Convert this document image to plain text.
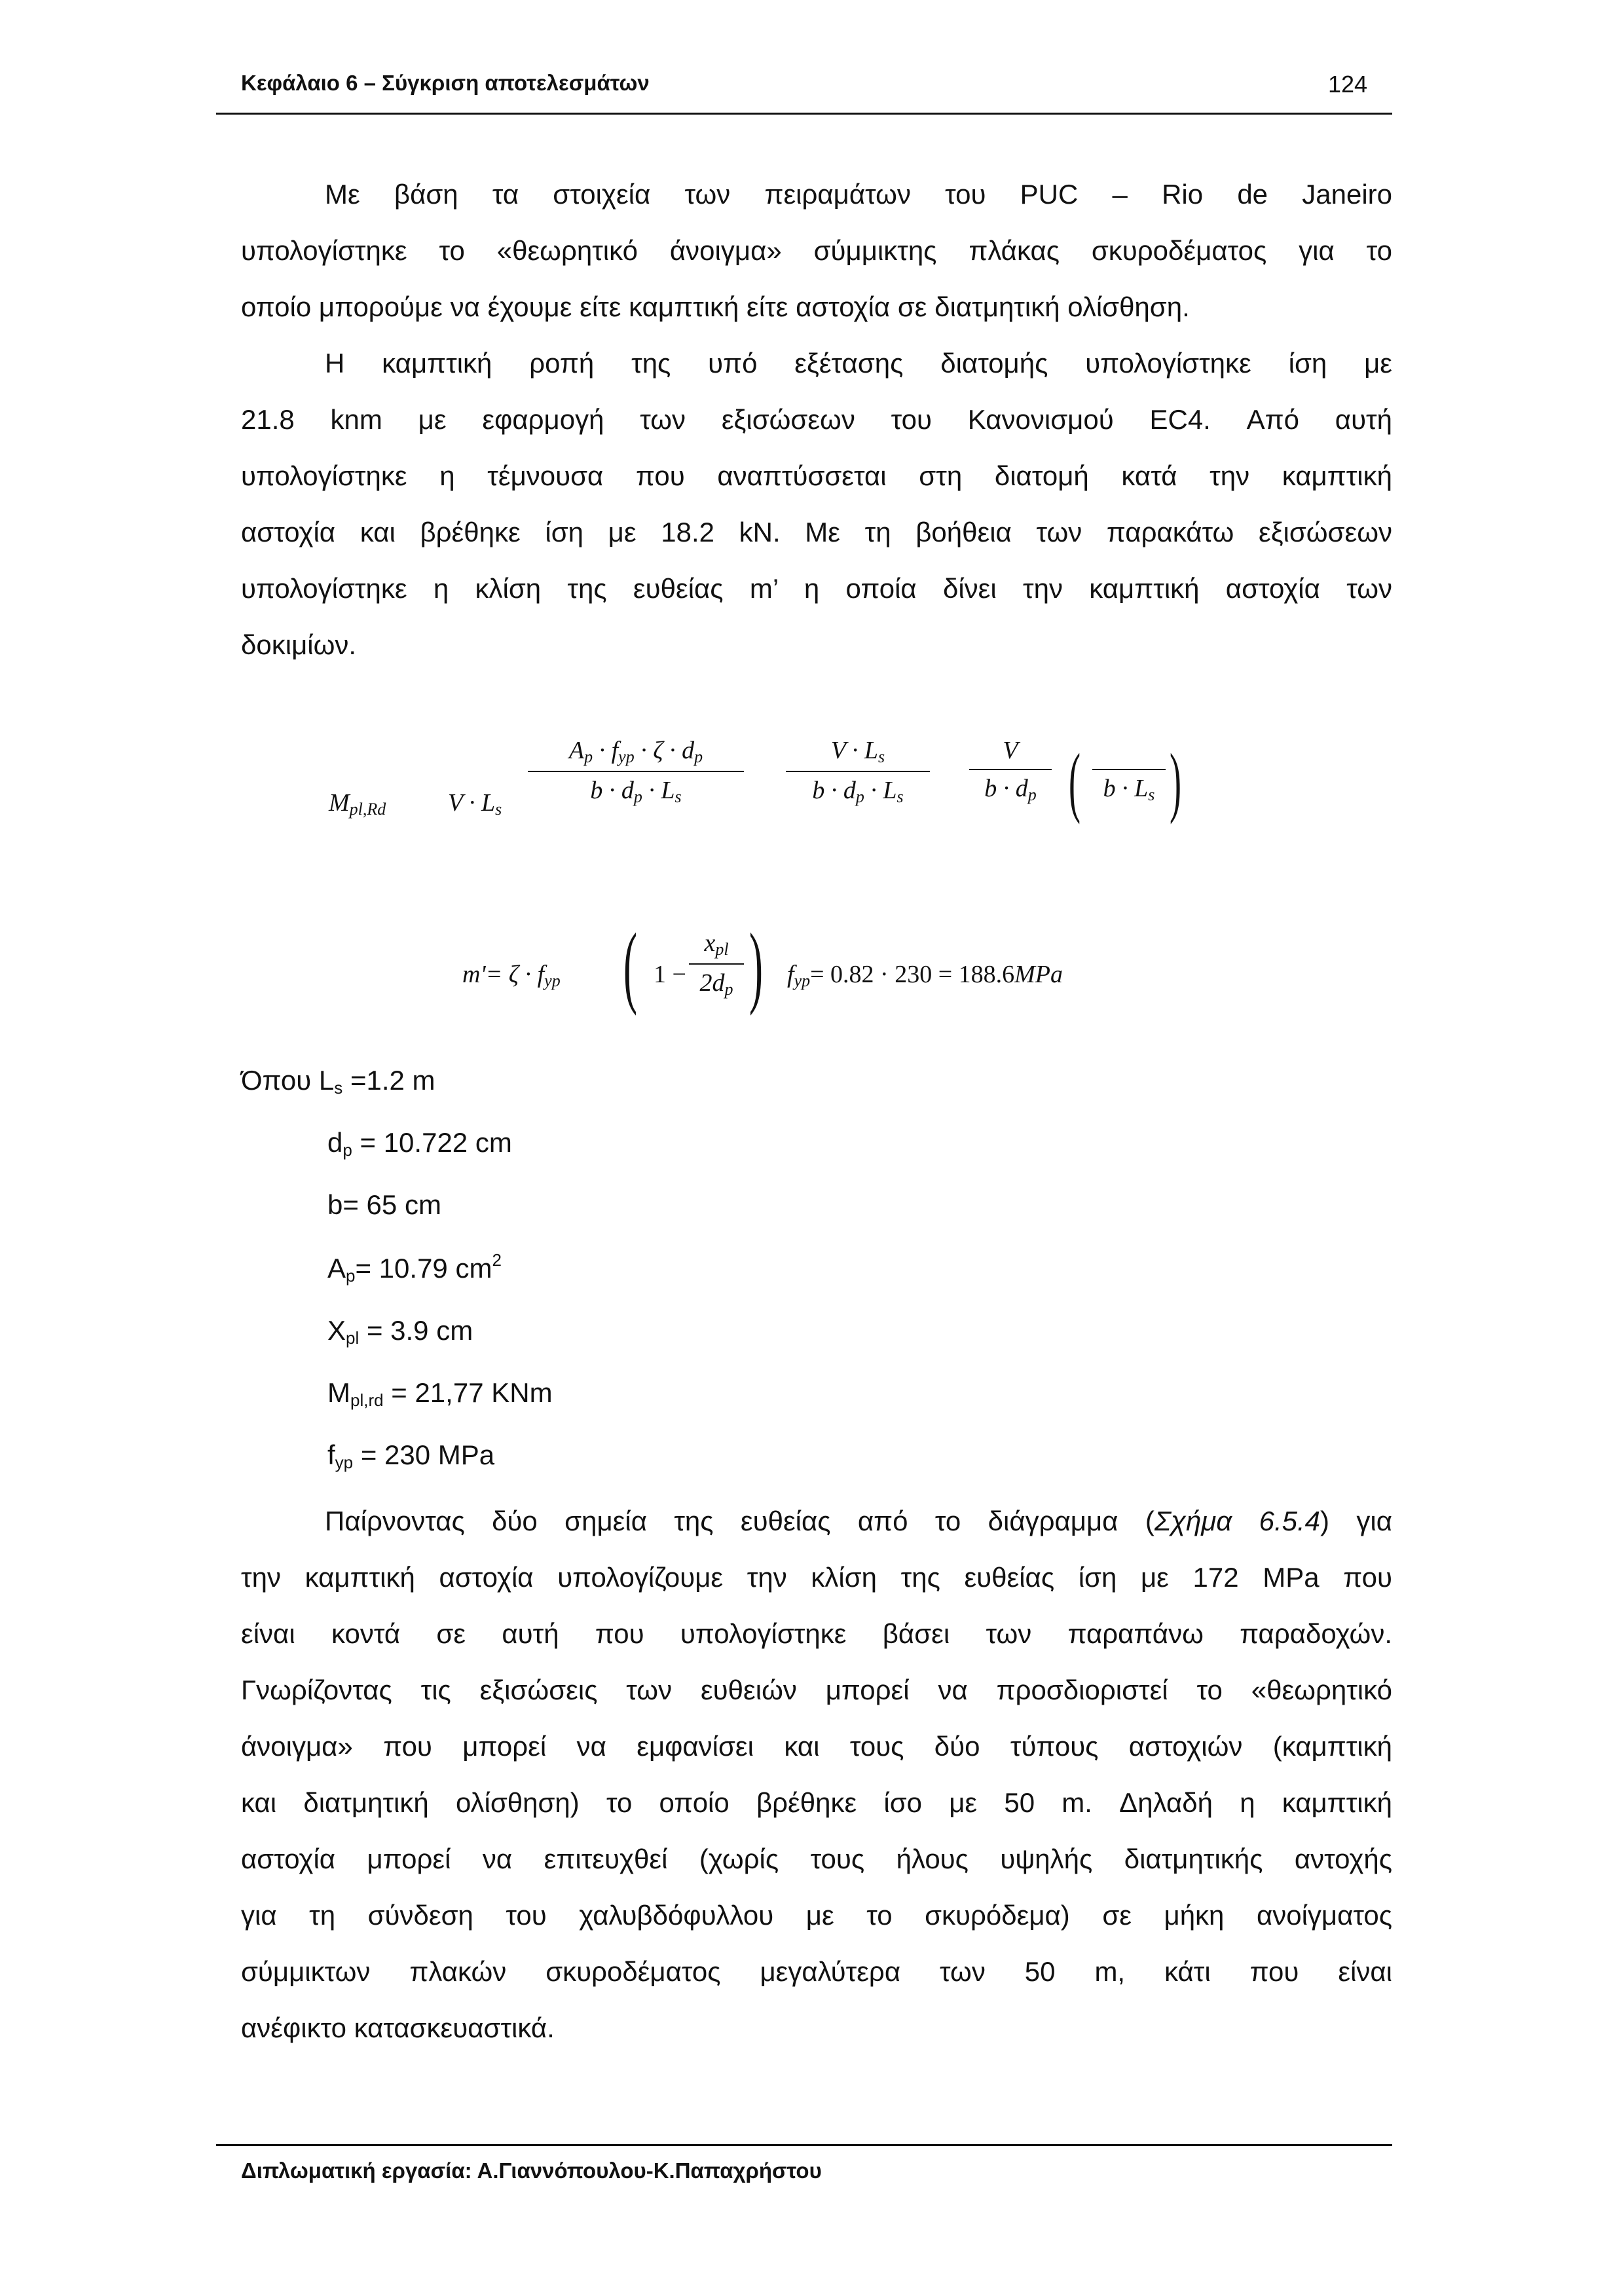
Κεφάλαιο 6 – Σύγκριση αποτελεσμάτων	124

Με βάση τα στοιχεία των πειραμάτων του PUC – Rio de Janeiro

υπολογίστηκε το «θεωρητικό άνοιγμα» σύμμικτης πλάκας σκυροδέματος για το

οποίο μπορούμε να έχουμε είτε καμπτική είτε αστοχία σε διατμητική ολίσθηση.

Η καμπτική ροπή της υπό εξέτασης διατομής υπολογίστηκε ίση με

21.8 knm με εφαρμογή των εξισώσεων του Κανονισμού EC4. Από αυτή

υπολογίστηκε η τέμνουσα που αναπτύσσεται στη διατομή κατά την καμπτική

αστοχία και βρέθηκε ίση με 18.2 kN. Με τη βοήθεια των παρακάτω εξισώσεων

υπολογίστηκε η κλίση της ευθείας m’ η οποία δίνει την καμπτική αστοχία των

δοκιμίων.

$M_{pl,Rd}$ $V \cdot L_s$
$A_p \cdot f_{yp} \cdot \zeta \cdot d_p$
$b \cdot d_p \cdot L_s$	$\frac{V \cdot L_s}{b \cdot d_p \cdot L_s} \frac{V}{b \cdot d_p}$ (
$b \cdot L_s$ )
$m'= \zeta \cdot f_{yp}$ ( 1 −
$x_{pl}$
$2d_p$ ) $f_{yp}= 0.82 \cdot 230 = 188.6MPa$
Όπου $L_s =1.2$ m
$d_p = 10.722$ cm
b= 65 cm
$A_p= 10.79$ $cm^2$
$X_{pl} = 3.9$ cm
$M_{pl,rd} = 21,77$ KNm
$f_{yp} = 230$ MPa

Παίρνοντας δύο σημεία της ευθείας από το διάγραμμα (Σχήμα 6.5.4) για

την καμπτική αστοχία υπολογίζουμε την κλίση της ευθείας ίση με 172 MPa που

είναι κοντά σε αυτή που υπολογίστηκε βάσει των παραπάνω παραδοχών.

Γνωρίζοντας τις εξισώσεις των ευθειών μπορεί να προσδιοριστεί το «θεωρητικό

άνοιγμα» που μπορεί να εμφανίσει και τους δύο τύπους αστοχιών (καμπτική

και διατμητική ολίσθηση) το οποίο βρέθηκε ίσο με 50 m. Δηλαδή η καμπτική

αστοχία μπορεί να επιτευχθεί (χωρίς τους ήλους υψηλής διατμητικής αντοχής

για τη σύνδεση του χαλυβδόφυλλου με το σκυρόδεμα) σε μήκη ανοίγματος

σύμμικτων πλακών σκυροδέματος μεγαλύτερα των 50 m, κάτι που είναι

ανέφικτο κατασκευαστικά.

Διπλωματική εργασία: Α.Γιαννόπουλου-Κ.Παπαχρήστου
